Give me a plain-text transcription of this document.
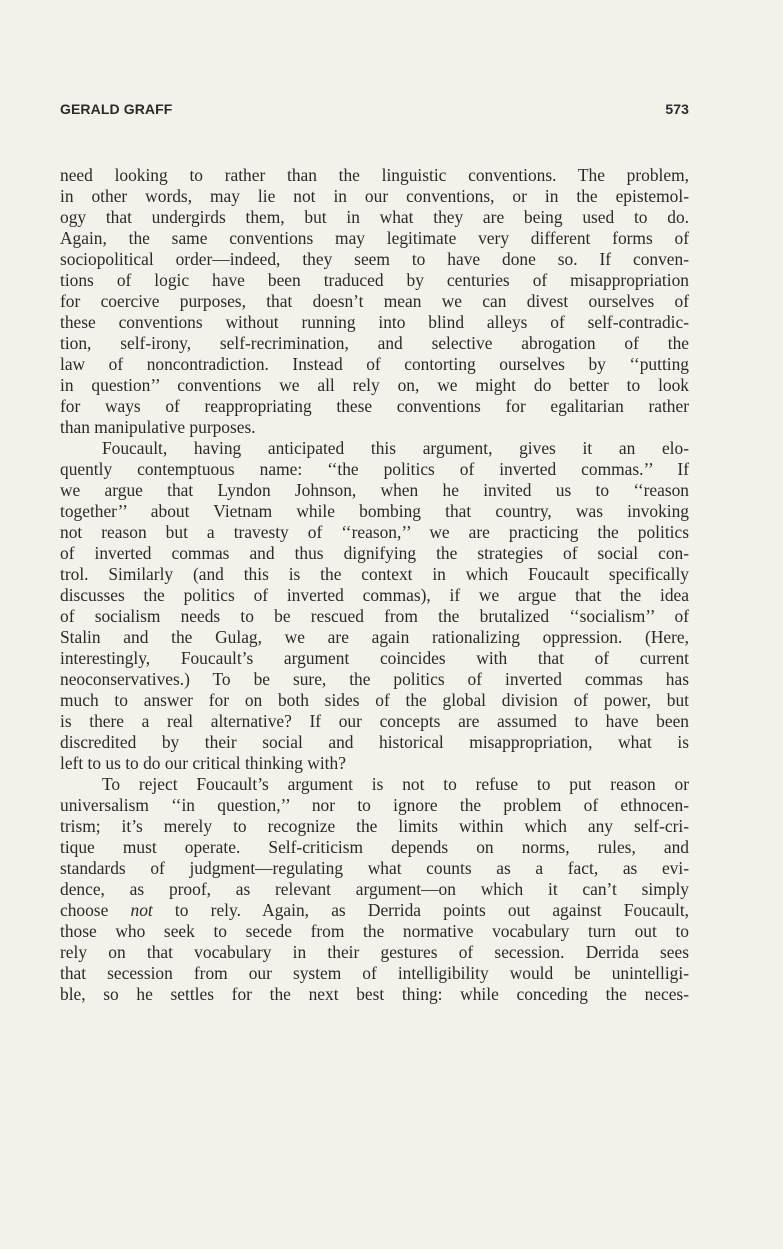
GERALD GRAFF	573
need looking to rather than the linguistic conventions. The problem,
in other words, may lie not in our conventions, or in the epistemol-
ogy that undergirds them, but in what they are being used to do.
Again, the same conventions may legitimate very different forms of
sociopolitical order—indeed, they seem to have done so. If conven-
tions of logic have been traduced by centuries of misappropriation
for coercive purposes, that doesn’t mean we can divest ourselves of
these conventions without running into blind alleys of self-contradic-
tion, self-irony, self-recrimination, and selective abrogation of the
law of noncontradiction. Instead of contorting ourselves by ‘‘putting
in question’’ conventions we all rely on, we might do better to look
for ways of reappropriating these conventions for egalitarian rather
than manipulative purposes.
Foucault, having anticipated this argument, gives it an elo-
quently contemptuous name: ‘‘the politics of inverted commas.’’ If
we argue that Lyndon Johnson, when he invited us to ‘‘reason
together’’ about Vietnam while bombing that country, was invoking
not reason but a travesty of ‘‘reason,’’ we are practicing the politics
of inverted commas and thus dignifying the strategies of social con-
trol. Similarly (and this is the context in which Foucault specifically
discusses the politics of inverted commas), if we argue that the idea
of socialism needs to be rescued from the brutalized ‘‘socialism’’ of
Stalin and the Gulag, we are again rationalizing oppression. (Here,
interestingly, Foucault’s argument coincides with that of current
neoconservatives.) To be sure, the politics of inverted commas has
much to answer for on both sides of the global division of power, but
is there a real alternative? If our concepts are assumed to have been
discredited by their social and historical misappropriation, what is
left to us to do our critical thinking with?
To reject Foucault’s argument is not to refuse to put reason or
universalism ‘‘in question,’’ nor to ignore the problem of ethnocen-
trism; it’s merely to recognize the limits within which any self-cri-
tique must operate. Self-criticism depends on norms, rules, and
standards of judgment—regulating what counts as a fact, as evi-
dence, as proof, as relevant argument—on which it can’t simply
choose not to rely. Again, as Derrida points out against Foucault,
those who seek to secede from the normative vocabulary turn out to
rely on that vocabulary in their gestures of secession. Derrida sees
that secession from our system of intelligibility would be unintelligi-
ble, so he settles for the next best thing: while conceding the neces-
